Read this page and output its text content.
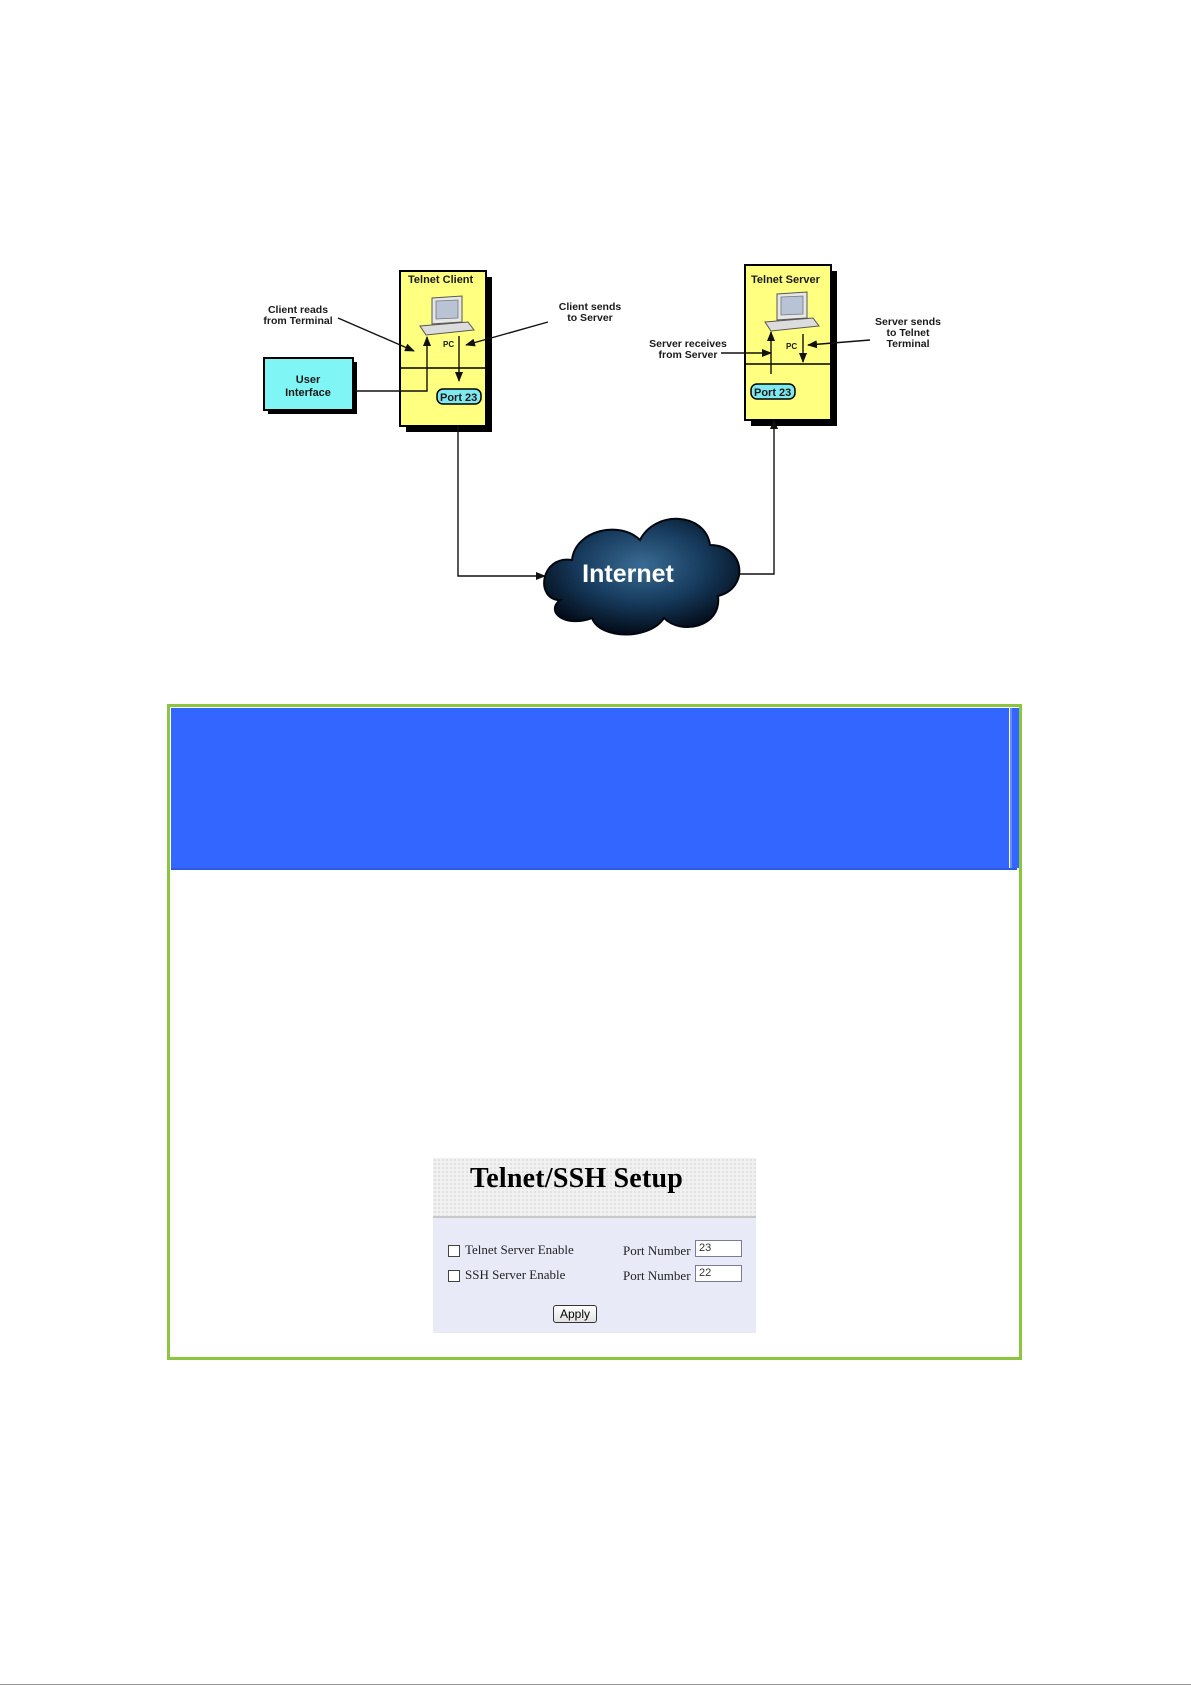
Telnet Client
PC
Port 23
Telnet Server
PC
Port 23
User
Interface
Client reads
from Terminal
Client sends
to Server
Server receives
from Server
Server sends
to Telnet
Terminal
Internet
Telnet/SSH Setup
Telnet Server Enable	Port Number 23
SSH Server Enable	Port Number 22
Apply
